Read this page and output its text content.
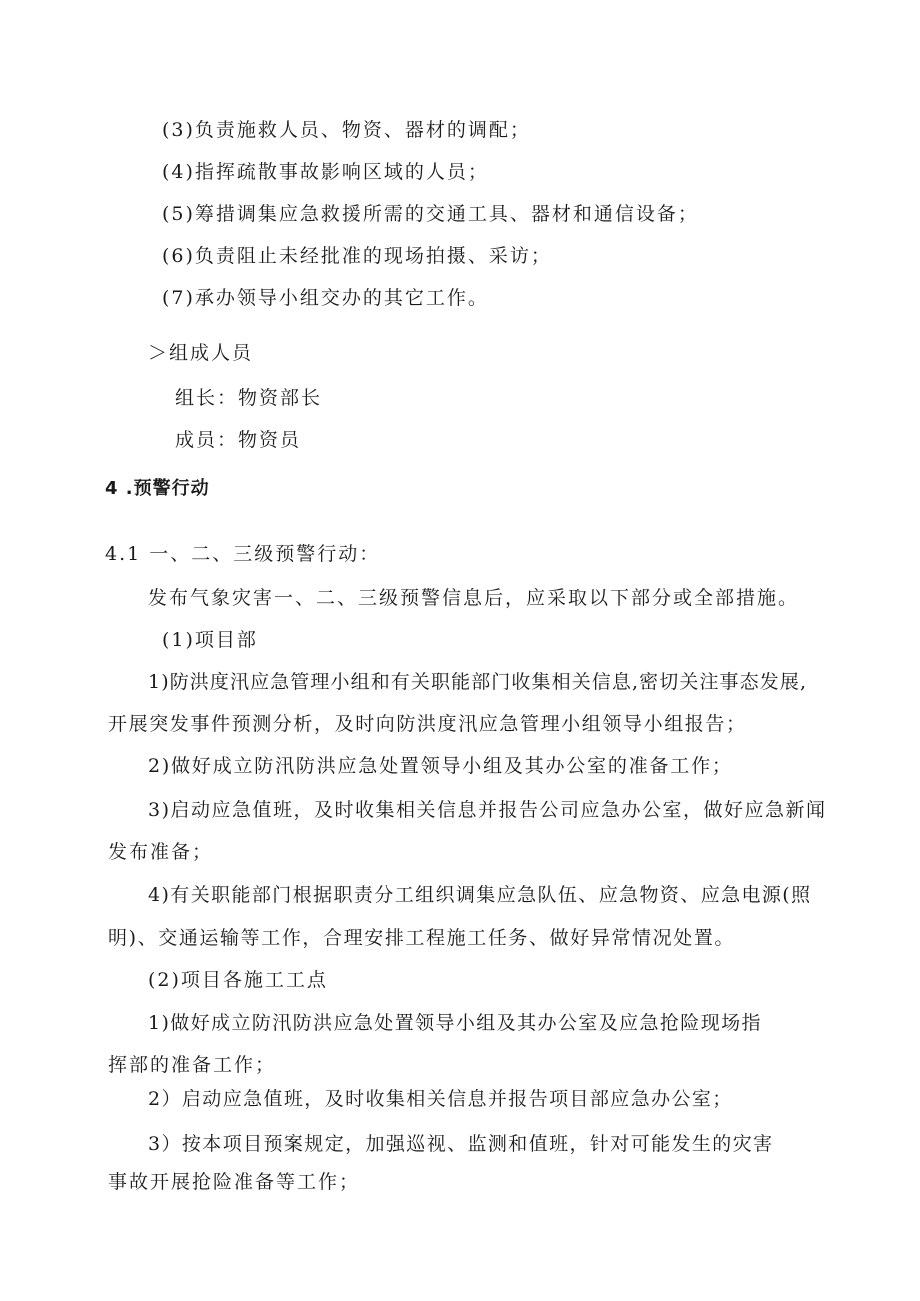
(3)负责施救人员、物资、器材的调配；
(4)指挥疏散事故影响区域的人员；
(5)筹措调集应急救援所需的交通工具、器材和通信设备；
(6)负责阻止未经批准的现场拍摄、采访；
(7)承办领导小组交办的其它工作。
＞组成人员
组长：物资部长
成员：物资员
4 .预警行动
4.1 一、二、三级预警行动：
发布气象灾害一、二、三级预警信息后，应采取以下部分或全部措施。
(1)项目部
1)防洪度汛应急管理小组和有关职能部门收集相关信息,密切关注事态发展,
开展突发事件预测分析，及时向防洪度汛应急管理小组领导小组报告；
2)做好成立防汛防洪应急处置领导小组及其办公室的准备工作；
3)启动应急值班，及时收集相关信息并报告公司应急办公室，做好应急新闻
发布准备；
4)有关职能部门根据职责分工组织调集应急队伍、应急物资、应急电源(照
明)、交通运输等工作，合理安排工程施工任务、做好异常情况处置。
(2)项目各施工工点
1)做好成立防汛防洪应急处置领导小组及其办公室及应急抢险现场指
挥部的准备工作；
2）启动应急值班，及时收集相关信息并报告项目部应急办公室；
3）按本项目预案规定，加强巡视、监测和值班，针对可能发生的灾害
事故开展抢险准备等工作；
